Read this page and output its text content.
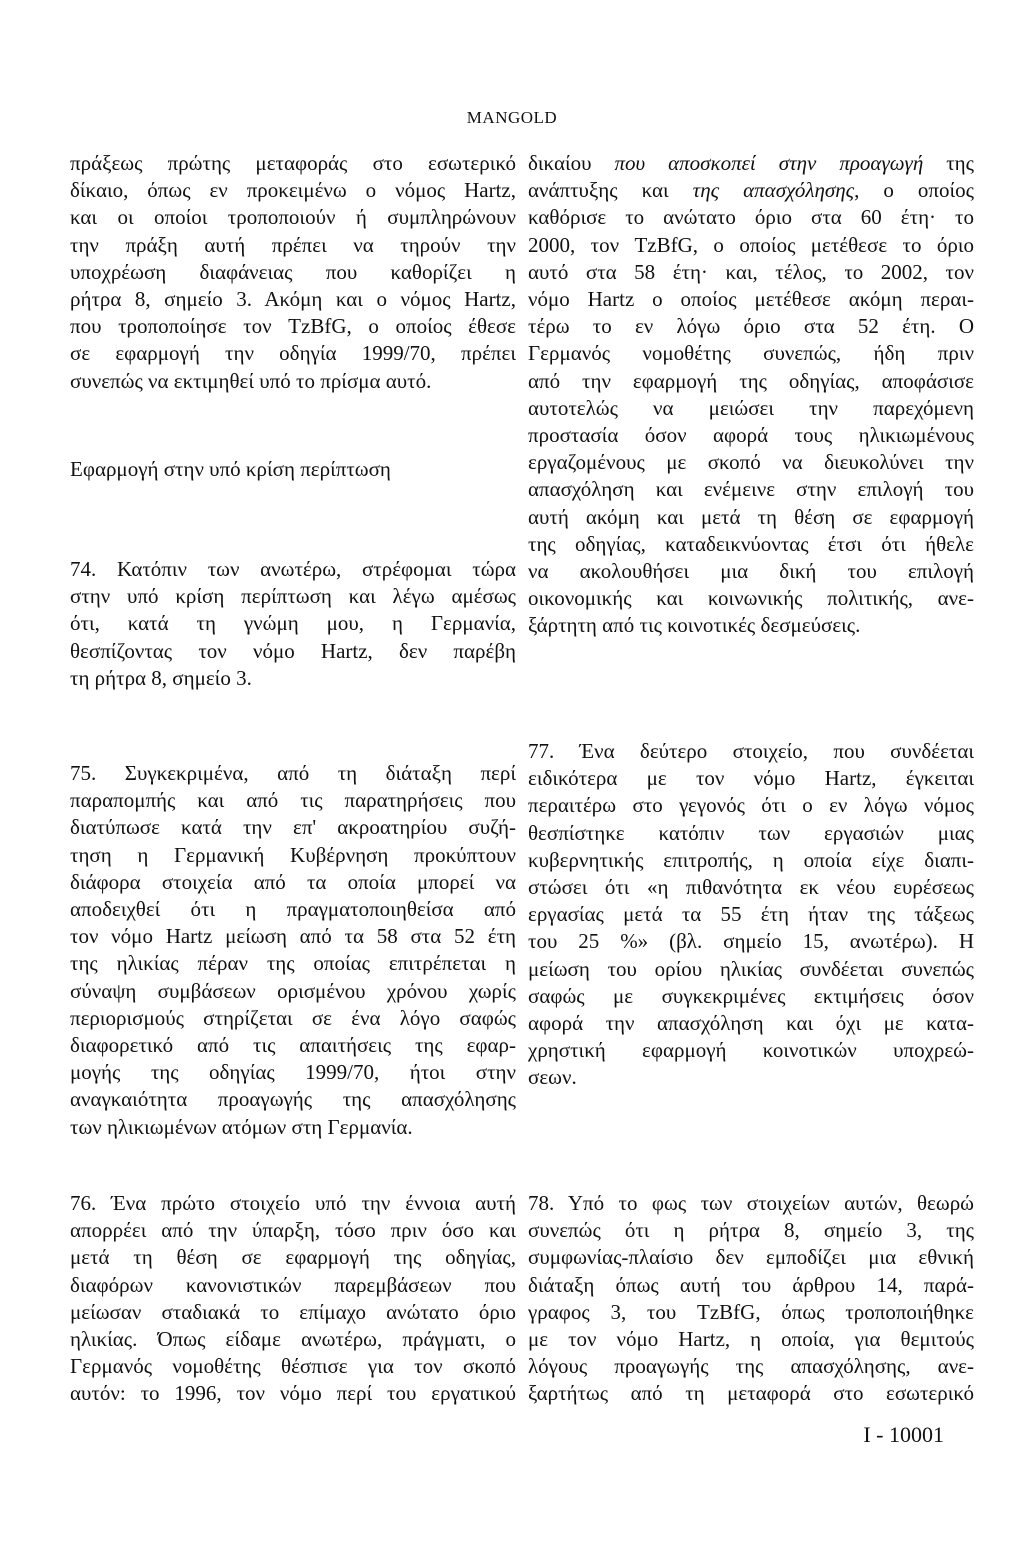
MANGOLD
πράξεως πρώτης μεταφοράς στο εσωτερικό
δίκαιο, όπως εν προκειμένω ο νόμος Hartz,
και οι οποίοι τροποποιούν ή συμπληρώνουν
την πράξη αυτή πρέπει να τηρούν την
υποχρέωση διαφάνειας που καθορίζει η
ρήτρα 8, σημείο 3. Ακόμη και ο νόμος Hartz,
που τροποποίησε τον TzBfG, ο οποίος έθεσε
σε εφαρμογή την οδηγία 1999/70, πρέπει
συνεπώς να εκτιμηθεί υπό το πρίσμα αυτό.
Εφαρμογή στην υπό κρίση περίπτωση
74. Κατόπιν των ανωτέρω, στρέφομαι τώρα
στην υπό κρίση περίπτωση και λέγω αμέσως
ότι, κατά τη γνώμη μου, η Γερμανία,
θεσπίζοντας τον νόμο Hartz, δεν παρέβη
τη ρήτρα 8, σημείο 3.
75. Συγκεκριμένα, από τη διάταξη περί
παραπομπής και από τις παρατηρήσεις που
διατύπωσε κατά την επ' ακροατηρίου συζή-
τηση η Γερμανική Κυβέρνηση προκύπτουν
διάφορα στοιχεία από τα οποία μπορεί να
αποδειχθεί ότι η πραγματοποιηθείσα από
τον νόμο Hartz μείωση από τα 58 στα 52 έτη
της ηλικίας πέραν της οποίας επιτρέπεται η
σύναψη συμβάσεων ορισμένου χρόνου χωρίς
περιορισμούς στηρίζεται σε ένα λόγο σαφώς
διαφορετικό από τις απαιτήσεις της εφαρ-
μογής της οδηγίας 1999/70, ήτοι στην
αναγκαιότητα προαγωγής της απασχόλησης
των ηλικιωμένων ατόμων στη Γερμανία.
76. Ένα πρώτο στοιχείο υπό την έννοια αυτή
απορρέει από την ύπαρξη, τόσο πριν όσο και
μετά τη θέση σε εφαρμογή της οδηγίας,
διαφόρων κανονιστικών παρεμβάσεων που
μείωσαν σταδιακά το επίμαχο ανώτατο όριο
ηλικίας. Όπως είδαμε ανωτέρω, πράγματι, ο
Γερμανός νομοθέτης θέσπισε για τον σκοπό
αυτόν: το 1996, τον νόμο περί του εργατικού
δικαίου που αποσκοπεί στην προαγωγή της
ανάπτυξης και της απασχόλησης, ο οποίος
καθόρισε το ανώτατο όριο στα 60 έτη· το
2000, τον TzBfG, ο οποίος μετέθεσε το όριο
αυτό στα 58 έτη· και, τέλος, το 2002, τον
νόμο Hartz ο οποίος μετέθεσε ακόμη περαι-
τέρω το εν λόγω όριο στα 52 έτη. Ο
Γερμανός νομοθέτης συνεπώς, ήδη πριν
από την εφαρμογή της οδηγίας, αποφάσισε
αυτοτελώς να μειώσει την παρεχόμενη
προστασία όσον αφορά τους ηλικιωμένους
εργαζομένους με σκοπό να διευκολύνει την
απασχόληση και ενέμεινε στην επιλογή του
αυτή ακόμη και μετά τη θέση σε εφαρμογή
της οδηγίας, καταδεικνύοντας έτσι ότι ήθελε
να ακολουθήσει μια δική του επιλογή
οικονομικής και κοινωνικής πολιτικής, ανε-
ξάρτητη από τις κοινοτικές δεσμεύσεις.
77. Ένα δεύτερο στοιχείο, που συνδέεται
ειδικότερα με τον νόμο Hartz, έγκειται
περαιτέρω στο γεγονός ότι ο εν λόγω νόμος
θεσπίστηκε κατόπιν των εργασιών μιας
κυβερνητικής επιτροπής, η οποία είχε διαπι-
στώσει ότι «η πιθανότητα εκ νέου ευρέσεως
εργασίας μετά τα 55 έτη ήταν της τάξεως
του 25 %» (βλ. σημείο 15, ανωτέρω). Η
μείωση του ορίου ηλικίας συνδέεται συνεπώς
σαφώς με συγκεκριμένες εκτιμήσεις όσον
αφορά την απασχόληση και όχι με κατα-
χρηστική εφαρμογή κοινοτικών υποχρεώ-
σεων.
78. Υπό το φως των στοιχείων αυτών, θεωρώ
συνεπώς ότι η ρήτρα 8, σημείο 3, της
συμφωνίας-πλαίσιο δεν εμποδίζει μια εθνική
διάταξη όπως αυτή του άρθρου 14, παρά-
γραφος 3, του TzBfG, όπως τροποποιήθηκε
με τον νόμο Hartz, η οποία, για θεμιτούς
λόγους προαγωγής της απασχόλησης, ανε-
ξαρτήτως από τη μεταφορά στο εσωτερικό
I - 10001
